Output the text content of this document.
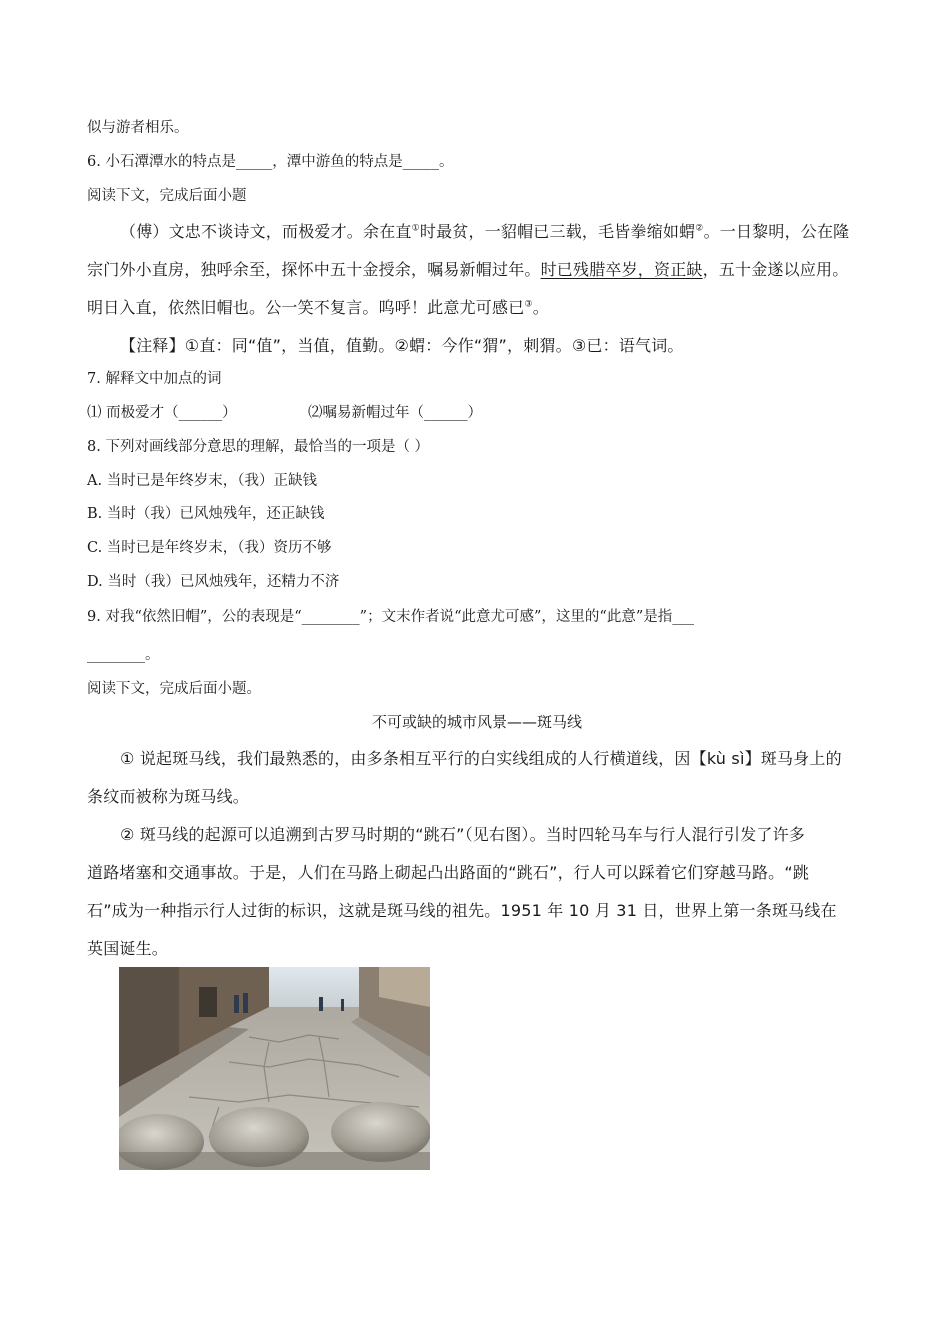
似与游者相乐。
6. 小石潭潭水的特点是_____，潭中游鱼的特点是_____。
阅读下文，完成后面小题
（傅）文忠不谈诗文，而极爱才。余在直①时最贫，一貂帽已三载，毛皆拳缩如蝟②。一日黎明，公在隆
宗门外小直房，独呼余至，探怀中五十金授余，嘱易新帽过年。时已残腊卒岁，资正缺，五十金遂以应用。
明日入直，依然旧帽也。公一笑不复言。呜呼！此意尤可感已③。
【注释】①直：同“值”，当值，值勤。②蝟：今作“猬”，刺猬。③已：语气词。
7. 解释文中加点的词
⑴ 而极爱才（______）	⑵嘱易新帽过年（______）
8. 下列对画线部分意思的理解，最恰当的一项是（ ）
A. 当时已是年终岁末，（我）正缺钱
B. 当时（我）已风烛残年，还正缺钱
C. 当时已是年终岁末，（我）资历不够
D. 当时（我）已风烛残年，还精力不济
9. 对我“依然旧帽”，公的表现是“________”；文末作者说“此意尤可感”，这里的“此意”是指___
________。
阅读下文，完成后面小题。
不可或缺的城市风景——斑马线
① 说起斑马线，我们最熟悉的，由多条相互平行的白实线组成的人行横道线，因【kù sì】斑马身上的
条纹而被称为斑马线。
② 斑马线的起源可以追溯到古罗马时期的“跳石”（见右图）。当时四轮马车与行人混行引发了许多
道路堵塞和交通事故。于是，人们在马路上砌起凸出路面的“跳石”，行人可以踩着它们穿越马路。“跳
石”成为一种指示行人过街的标识，这就是斑马线的祖先。1951 年 10 月 31 日，世界上第一条斑马线在
英国诞生。
